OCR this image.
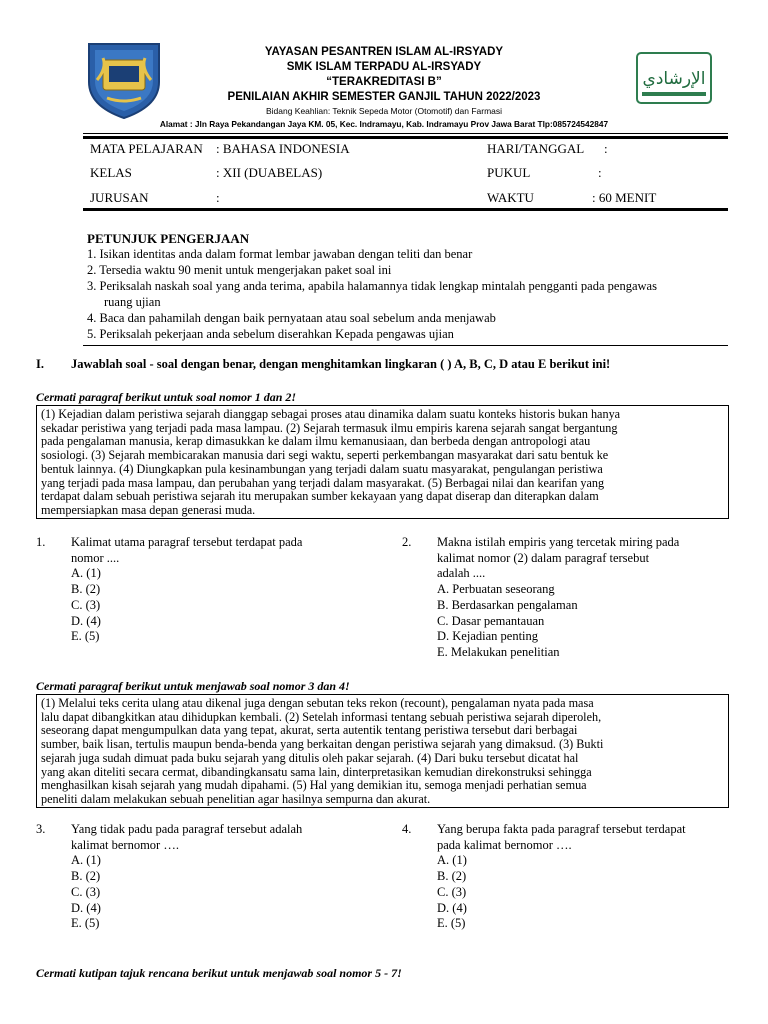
YAYASAN PESANTREN ISLAM AL-IRSYADY
SMK ISLAM TERPADU AL-IRSYADY
“TERAKREDITASI B”
PENILAIAN AKHIR SEMESTER GANJIL TAHUN 2022/2023
Bidang Keahlian: Teknik Sepeda Motor (Otomotif) dan Farmasi
Alamat : Jln Raya Pekandangan Jaya KM. 05, Kec. Indramayu, Kab. Indramayu Prov Jawa Barat Tlp:085724542847
الإرشادي
MATA PELAJARAN : BAHASA INDONESIA	HARI/TANGGAL :
KELAS	: XII (DUABELAS)	PUKUL	:
JURUSAN	:	WAKTU	: 60 MENIT
PETUNJUK PENGERJAAN
1. Isikan identitas anda dalam format lembar jawaban dengan teliti dan benar
2. Tersedia waktu 90 menit untuk mengerjakan paket soal ini
3. Periksalah naskah soal yang anda terima, apabila halamannya tidak lengkap mintalah pengganti pada pengawas
ruang ujian
4. Baca dan pahamilah dengan baik pernyataan atau soal sebelum anda menjawab
5. Periksalah pekerjaan anda sebelum diserahkan Kepada pengawas ujian
I. Jawablah soal - soal dengan benar, dengan menghitamkan lingkaran ( ) A, B, C, D atau E berikut ini!
Cermati paragraf berikut untuk soal nomor 1 dan 2!
(1) Kejadian dalam peristiwa sejarah dianggap sebagai proses atau dinamika dalam suatu konteks historis bukan hanya
sekadar peristiwa yang terjadi pada masa lampau. (2) Sejarah termasuk ilmu empiris karena sejarah sangat bergantung
pada pengalaman manusia, kerap dimasukkan ke dalam ilmu kemanusiaan, dan berbeda dengan antropologi atau
sosiologi. (3) Sejarah membicarakan manusia dari segi waktu, seperti perkembangan masyarakat dari satu bentuk ke
bentuk lainnya. (4) Diungkapkan pula kesinambungan yang terjadi dalam suatu masyarakat, pengulangan peristiwa
yang terjadi pada masa lampau, dan perubahan yang terjadi dalam masyarakat. (5) Berbagai nilai dan kearifan yang
terdapat dalam sebuah peristiwa sejarah itu merupakan sumber kekayaan yang dapat diserap dan diterapkan dalam
mempersiapkan masa depan generasi muda.
1. Kalimat utama paragraf tersebut terdapat pada
nomor ....
A. (1)
B. (2)
C. (3)
D. (4)
E. (5)
2. Makna istilah empiris yang tercetak miring pada
kalimat nomor (2) dalam paragraf tersebut
adalah ....
A. Perbuatan seseorang
B. Berdasarkan pengalaman
C. Dasar pemantauan
D. Kejadian penting
E. Melakukan penelitian
Cermati paragraf berikut untuk menjawab soal nomor 3 dan 4!
(1) Melalui teks cerita ulang atau dikenal juga dengan sebutan teks rekon (recount), pengalaman nyata pada masa
lalu dapat dibangkitkan atau dihidupkan kembali. (2) Setelah informasi tentang sebuah peristiwa sejarah diperoleh,
seseorang dapat mengumpulkan data yang tepat, akurat, serta autentik tentang peristiwa tersebut dari berbagai
sumber, baik lisan, tertulis maupun benda-benda yang berkaitan dengan peristiwa sejarah yang dimaksud. (3) Bukti
sejarah juga sudah dimuat pada buku sejarah yang ditulis oleh pakar sejarah. (4) Dari buku tersebut dicatat hal
yang akan diteliti secara cermat, dibandingkansatu sama lain, dinterpretasikan kemudian direkonstruksi sehingga
menghasilkan kisah sejarah yang mudah dipahami. (5) Hal yang demikian itu, semoga menjadi perhatian semua
peneliti dalam melakukan sebuah penelitian agar hasilnya sempurna dan akurat.
3. Yang tidak padu pada paragraf tersebut adalah
kalimat bernomor ….
A. (1)
B. (2)
C. (3)
D. (4)
E. (5)
4. Yang berupa fakta pada paragraf tersebut terdapat
pada kalimat bernomor ….
A. (1)
B. (2)
C. (3)
D. (4)
E. (5)
Cermati kutipan tajuk rencana berikut untuk menjawab soal nomor 5 - 7!
